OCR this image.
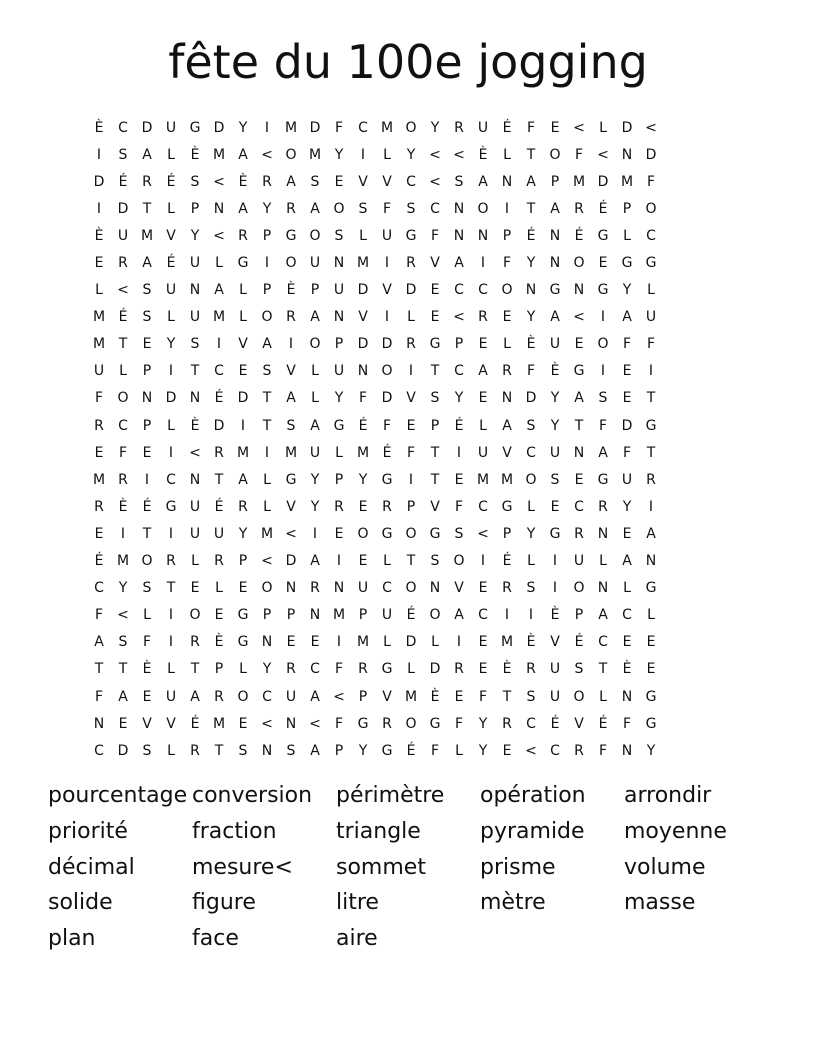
fête du 100e jogging
È	C D U G D	Y	I	M D	F	C M O	Y	R	U	É	F	E <	L	D <
I	S	A	L	È M A < O M Y	I	L	Y < < È	L	T	O	F	< N D
D	É	R	É	S < È	R	A	S	E	V	V	C < S	A N A	P M D M F
I	D	T	L	P	N A	Y	R	A O	S	F	S	C N O	I	T	A	R	É	P	O
È	U M V	Y < R	P	G O	S	L	U G	F	N N	P	É	N	É	G	L	C
E	R	A	É	U	L	G	I	O U N M	I	R	V	A	I	F	Y	N O	E	G G
L	< S	U N A	L	P	È	P	U D V D	E	C	C O N G N G	Y	L
M É	S	L	U M	L	O R	A N V	I	L	E < R	E	Y	A <	I	A	U
M T	E	Y	S	I	V	A	I	O	P	D D R G	P	E	L	È	U	E	O	F	F
U	L	P	I	T	C	E	S	V	L	U N O	I	T	C	A	R	F	È	G	I	E	I
F	O N D N	É	D	T	A	L	Y	F	D V	S	Y	E	N D	Y	A	S	E	T
R	C	P	L	È	D	I	T	S	A G	É	F	E	P	É	L	A	S	Y	T	F	D G
E	F	E	I	< R M	I	M U	L	M É	F	T	I	U	V	C U N A	F	T
M R	I	C N	T	A	L	G	Y	P	Y	G	I	T	E M M O	S	E	G U	R
R	È	É	G U	É	R	L	V	Y	R	E	R	P	V	F	C G	L	E	C	R	Y	I
E	I	T	I	U U	Y M <	I	E	O G O G	S < P	Y	G R N	E	A
É M O R	L	R	P < D A	I	E	L	T	S	O	I	É	L	I	U	L	A N
C	Y	S	T	E	L	E	O N R N U C O N V	E	R	S	I	O N	L	G
F	<	L	I	O	E	G	P	P	N M P	U	É	O A	C	I	I	È	P	A	C	L
A	S	F	I	R	È	G N	E	E	I	M	L	D	L	I	E M È	V	É	C	E	E
T	T	È	L	T	P	L	Y	R	C	F	R G	L	D R	E	È	R	U	S	T	È	E
F	A	E	U	A	R O C U	A < P	V M È	E	F	T	S	U O	L	N G
N	E	V	V	É M E < N <	F	G R O G	F	Y	R	C	É	V	É	F	G
C D	S	L	R	T	S	N	S	A	P	Y	G	É	F	L	Y	E < C	R	F	N	Y
pourcentage conversion	périmètre	opération	arrondir
priorité	fraction	triangle	pyramide	moyenne
décimal	mesure<	sommet	prisme	volume
solide	figure	litre	mètre	masse
plan	face	aire
